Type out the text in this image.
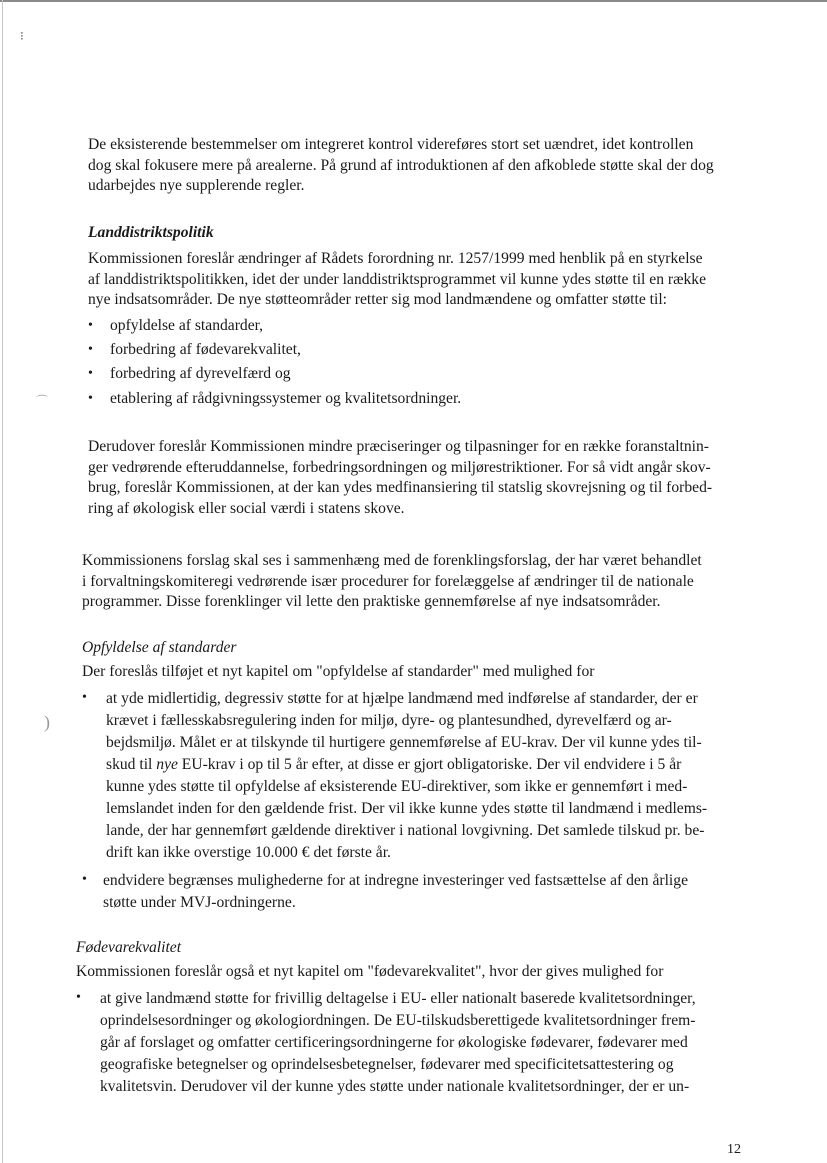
⁝
⌒
)
De eksisterende bestemmelser om integreret kontrol videreføres stort set uændret, idet kontrollen
dog skal fokusere mere på arealerne. På grund af introduktionen af den afkoblede støtte skal der dog
udarbejdes nye supplerende regler.
Landdistriktspolitik
Kommissionen foreslår ændringer af Rådets forordning nr. 1257/1999 med henblik på en styrkelse
af landdistriktspolitikken, idet der under landdistriktsprogrammet vil kunne ydes støtte til en række
nye indsatsområder. De nye støtteområder retter sig mod landmændene og omfatter støtte til:
• opfyldelse af standarder,
• forbedring af fødevarekvalitet,
• forbedring af dyrevelfærd og
• etablering af rådgivningssystemer og kvalitetsordninger.
Derudover foreslår Kommissionen mindre præciseringer og tilpasninger for en række foranstaltnin-
ger vedrørende efteruddannelse, forbedringsordningen og miljørestriktioner. For så vidt angår skov-
brug, foreslår Kommissionen, at der kan ydes medfinansiering til statslig skovrejsning og til forbed-
ring af økologisk eller social værdi i statens skove.
Kommissionens forslag skal ses i sammenhæng med de forenklingsforslag, der har været behandlet
i forvaltningskomiteregi vedrørende især procedurer for forelæggelse af ændringer til de nationale
programmer. Disse forenklinger vil lette den praktiske gennemførelse af nye indsatsområder.
Opfyldelse af standarder
Der foreslås tilføjet et nyt kapitel om "opfyldelse af standarder" med mulighed for
• at yde midlertidig, degressiv støtte for at hjælpe landmænd med indførelse af standarder, der er
krævet i fællesskabsregulering inden for miljø, dyre- og plantesundhed, dyrevelfærd og ar-
bejdsmiljø. Målet er at tilskynde til hurtigere gennemførelse af EU-krav. Der vil kunne ydes til-
skud til nye EU-krav i op til 5 år efter, at disse er gjort obligatoriske. Der vil endvidere i 5 år
kunne ydes støtte til opfyldelse af eksisterende EU-direktiver, som ikke er gennemført i med-
lemslandet inden for den gældende frist. Der vil ikke kunne ydes støtte til landmænd i medlems-
lande, der har gennemført gældende direktiver i national lovgivning. Det samlede tilskud pr. be-
drift kan ikke overstige 10.000 € det første år.
• endvidere begrænses mulighederne for at indregne investeringer ved fastsættelse af den årlige
støtte under MVJ-ordningerne.
Fødevarekvalitet
Kommissionen foreslår også et nyt kapitel om "fødevarekvalitet", hvor der gives mulighed for
• at give landmænd støtte for frivillig deltagelse i EU- eller nationalt baserede kvalitetsordninger,
oprindelsesordninger og økologiordningen. De EU-tilskudsberettigede kvalitetsordninger frem-
går af forslaget og omfatter certificeringsordningerne for økologiske fødevarer, fødevarer med
geografiske betegnelser og oprindelsesbetegnelser, fødevarer med specificitetsattestering og
kvalitetsvin. Derudover vil der kunne ydes støtte under nationale kvalitetsordninger, der er un-
12
